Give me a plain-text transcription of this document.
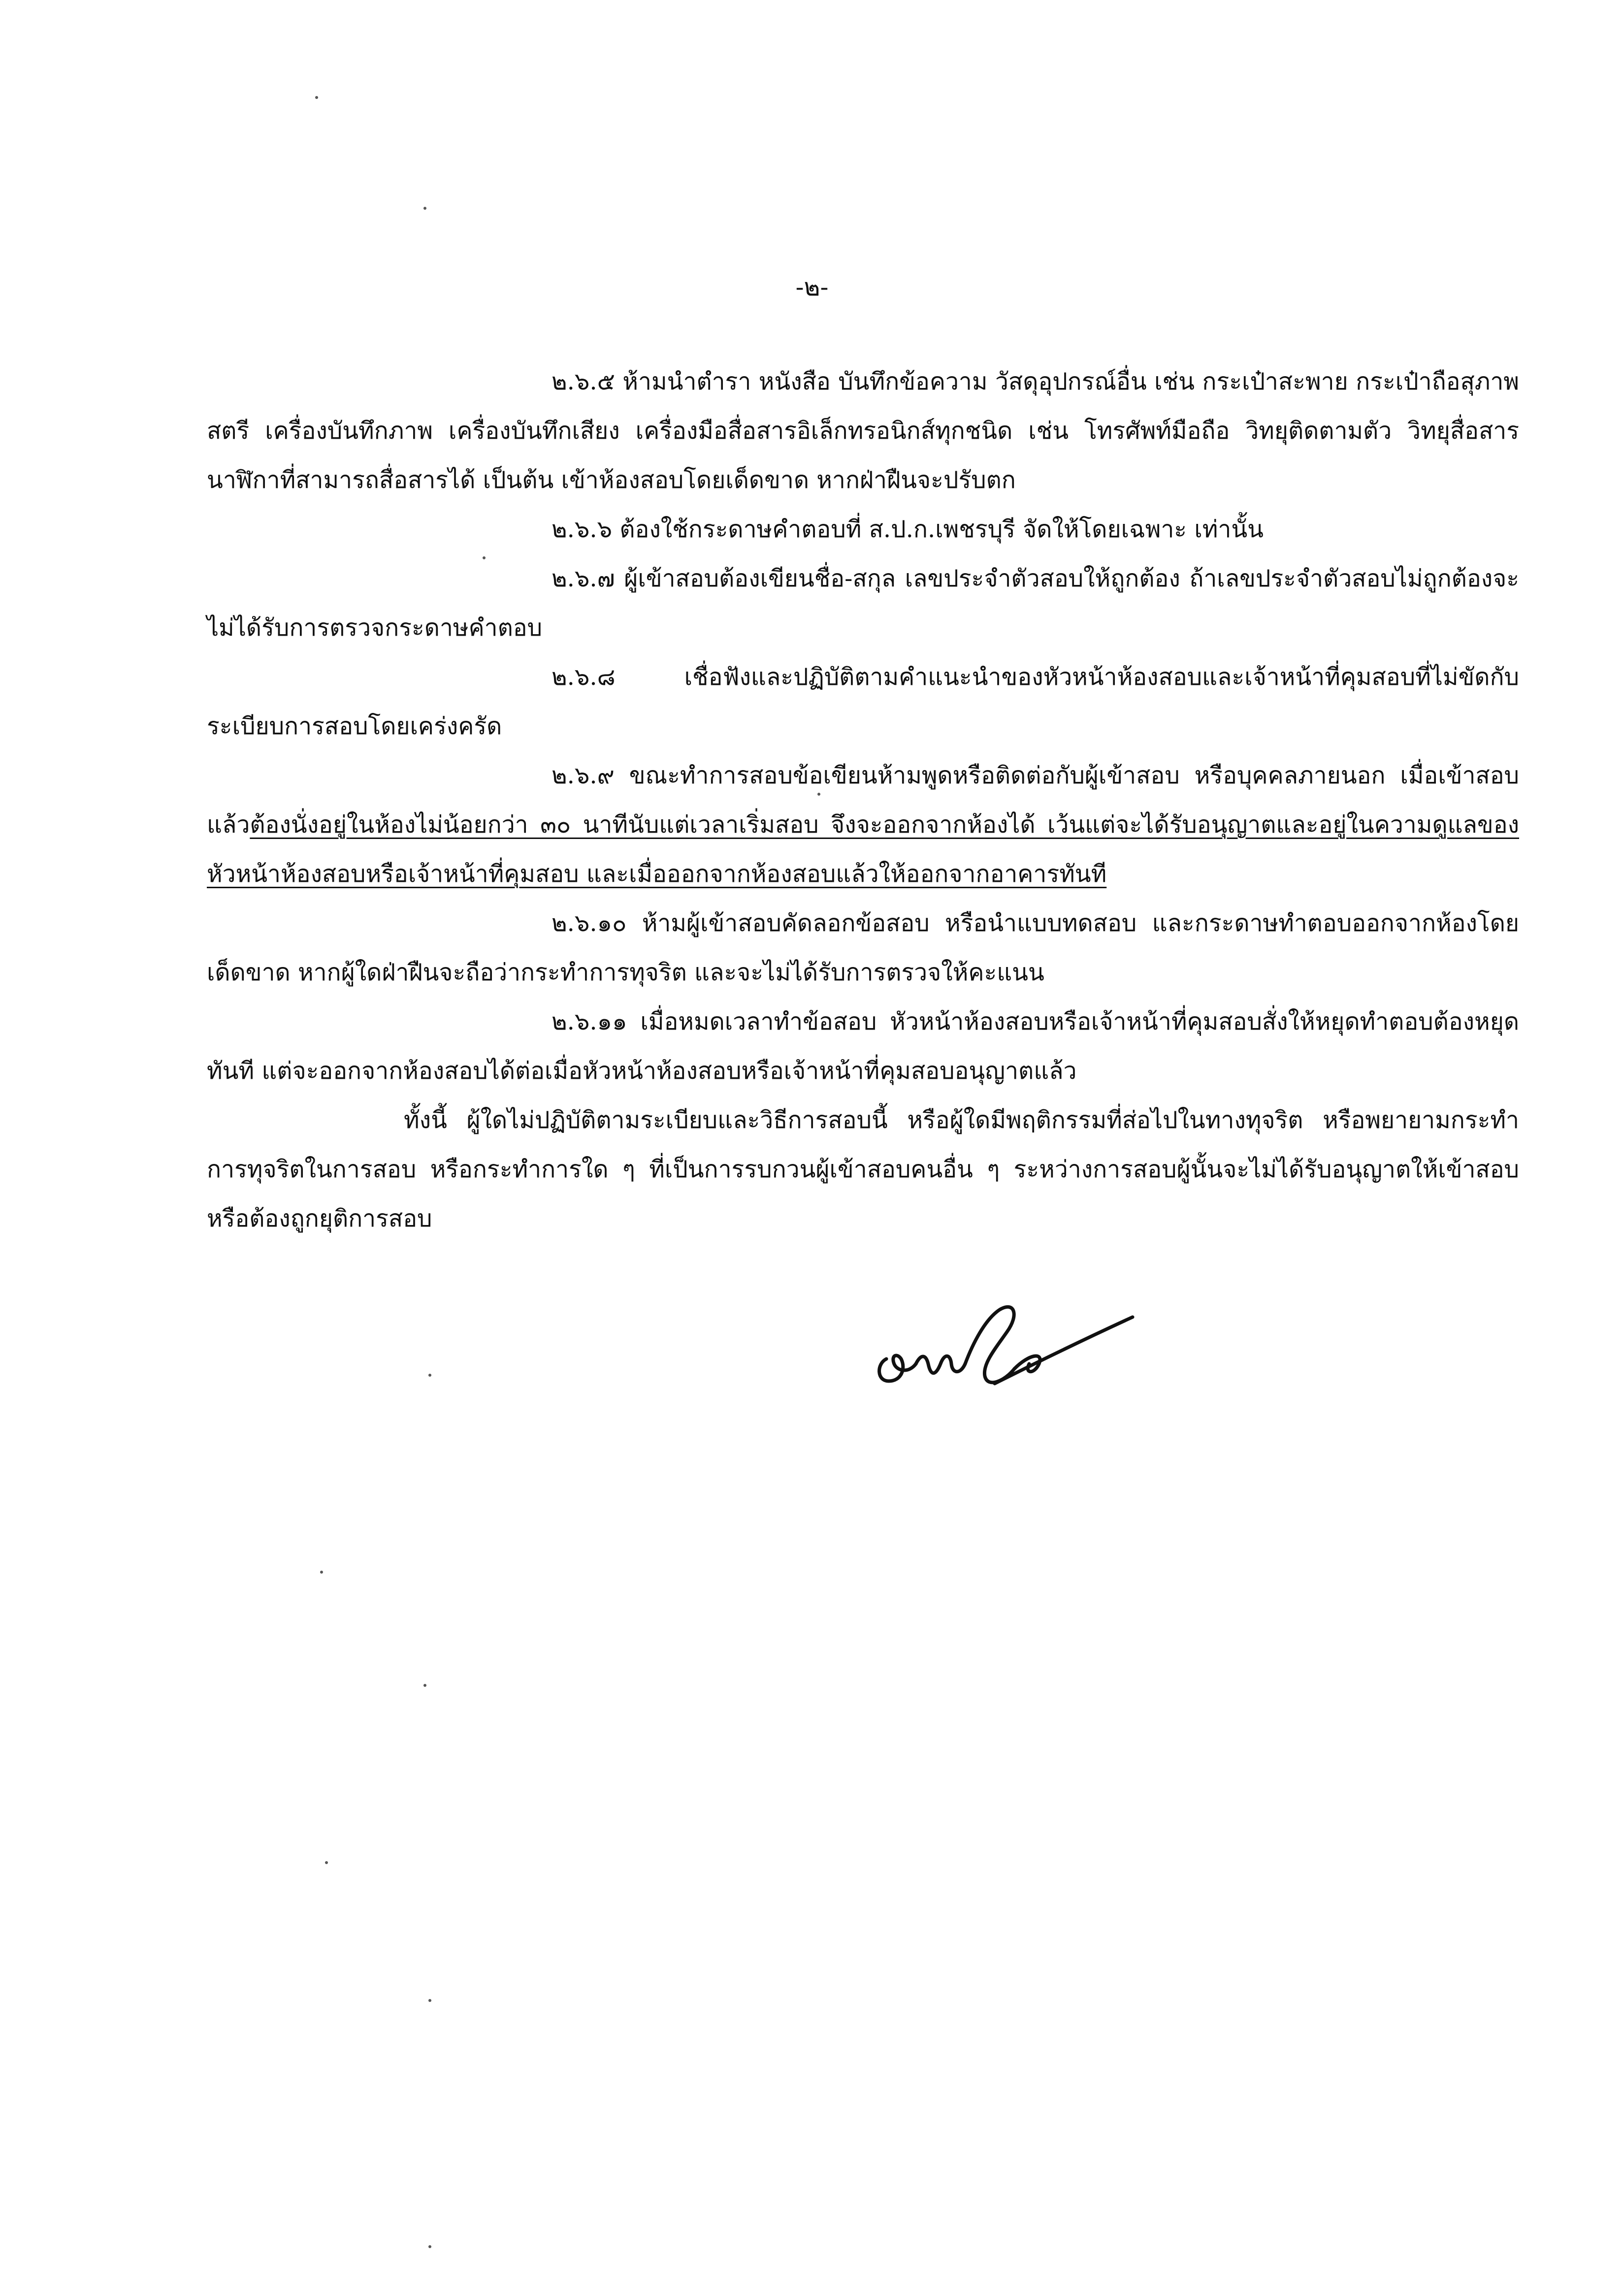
-๒-

๒.๖.๕ ห้ามนำตำรา หนังสือ บันทึกข้อความ วัสดุอุปกรณ์อื่น เช่น กระเป๋าสะพาย กระเป๋าถือสุภาพสตรี เครื่องบันทึกภาพ เครื่องบันทึกเสียง เครื่องมือสื่อสารอิเล็กทรอนิกส์ทุกชนิด เช่น โทรศัพท์มือถือ วิทยุติดตามตัว วิทยุสื่อสาร นาฬิกาที่สามารถสื่อสารได้ เป็นต้น เข้าห้องสอบโดยเด็ดขาด หากฝ่าฝืนจะปรับตก

๒.๖.๖ ต้องใช้กระดาษคำตอบที่ ส.ป.ก.เพชรบุรี จัดให้โดยเฉพาะ เท่านั้น

๒.๖.๗ ผู้เข้าสอบต้องเขียนชื่อ-สกุล เลขประจำตัวสอบให้ถูกต้อง ถ้าเลขประจำตัวสอบไม่ถูกต้องจะไม่ได้รับการตรวจกระดาษคำตอบ

๒.๖.๘ เชื่อฟังและปฏิบัติตามคำแนะนำของหัวหน้าห้องสอบและเจ้าหน้าที่คุมสอบที่ไม่ขัดกับระเบียบการสอบโดยเคร่งครัด

๒.๖.๙ ขณะทำการสอบข้อเขียนห้ามพูดหรือติดต่อกับผู้เข้าสอบ หรือบุคคลภายนอก เมื่อเข้าสอบแล้วต้องนั่งอยู่ในห้องไม่น้อยกว่า ๓๐ นาทีนับแต่เวลาเริ่มสอบ จึงจะออกจากห้องได้ เว้นแต่จะได้รับอนุญาตและอยู่ในความดูแลของหัวหน้าห้องสอบหรือเจ้าหน้าที่คุมสอบ และเมื่อออกจากห้องสอบแล้วให้ออกจากอาคารทันที

๒.๖.๑๐ ห้ามผู้เข้าสอบคัดลอกข้อสอบ หรือนำแบบทดสอบ และกระดาษทำตอบออกจากห้องโดยเด็ดขาด หากผู้ใดฝ่าฝืนจะถือว่ากระทำการทุจริต และจะไม่ได้รับการตรวจให้คะแนน

๒.๖.๑๑ เมื่อหมดเวลาทำข้อสอบ หัวหน้าห้องสอบหรือเจ้าหน้าที่คุมสอบสั่งให้หยุดทำตอบต้องหยุดทันที แต่จะออกจากห้องสอบได้ต่อเมื่อหัวหน้าห้องสอบหรือเจ้าหน้าที่คุมสอบอนุญาตแล้ว

ทั้งนี้ ผู้ใดไม่ปฏิบัติตามระเบียบและวิธีการสอบนี้ หรือผู้ใดมีพฤติกรรมที่ส่อไปในทางทุจริต หรือพยายามกระทำการทุจริตในการสอบ หรือกระทำการใด ๆ ที่เป็นการรบกวนผู้เข้าสอบคนอื่น ๆ ระหว่างการสอบผู้นั้นจะไม่ได้รับอนุญาตให้เข้าสอบ หรือต้องถูกยุติการสอบ
